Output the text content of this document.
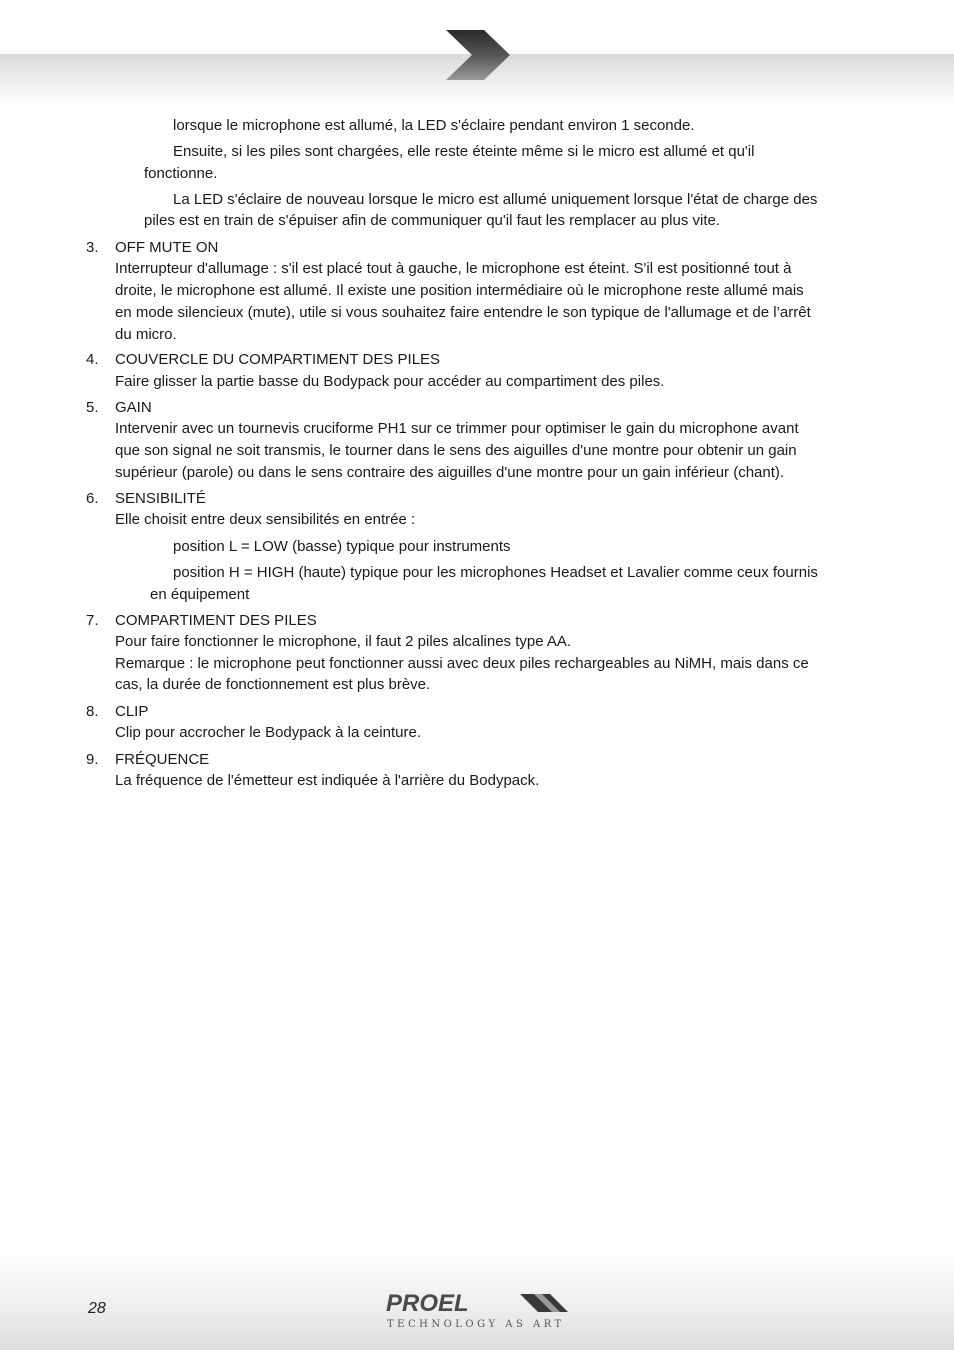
lorsque le microphone est allumé, la LED s'éclaire pendant environ 1 seconde.
Ensuite, si les piles sont chargées, elle reste éteinte même si le micro est allumé et qu'il
fonctionne.
La LED s'éclaire de nouveau lorsque le micro est allumé uniquement lorsque l'état de charge des
piles est en train de s'épuiser afin de communiquer qu'il faut les remplacer au plus vite.
3. OFF MUTE ON
Interrupteur d'allumage : s'il est placé tout à gauche, le microphone est éteint. S'il est positionné tout à
droite, le microphone est allumé. Il existe une position intermédiaire où le microphone reste allumé mais
en mode silencieux (mute), utile si vous souhaitez faire entendre le son typique de l'allumage et de l’arrêt
du micro.
4. COUVERCLE DU COMPARTIMENT DES PILES
Faire glisser la partie basse du Bodypack pour accéder au compartiment des piles.
5. GAIN
Intervenir avec un tournevis cruciforme PH1 sur ce trimmer pour optimiser le gain du microphone avant
que son signal ne soit transmis, le tourner dans le sens des aiguilles d'une montre pour obtenir un gain
supérieur (parole) ou dans le sens contraire des aiguilles d'une montre pour un gain inférieur (chant).
6. SENSIBILITÉ
Elle choisit entre deux sensibilités en entrée :
position L = LOW (basse) typique pour instruments
position H = HIGH (haute) typique pour les microphones Headset et Lavalier comme ceux fournis
en équipement
7. COMPARTIMENT DES PILES
Pour faire fonctionner le microphone, il faut 2 piles alcalines type AA.
Remarque : le microphone peut fonctionner aussi avec deux piles rechargeables au NiMH, mais dans ce
cas, la durée de fonctionnement est plus brève.
8. CLIP
Clip pour accrocher le Bodypack à la ceinture.
9. FRÉQUENCE
La fréquence de l'émetteur est indiquée à l'arrière du Bodypack.
28	PROEL
TECHNOLOGY AS ART
